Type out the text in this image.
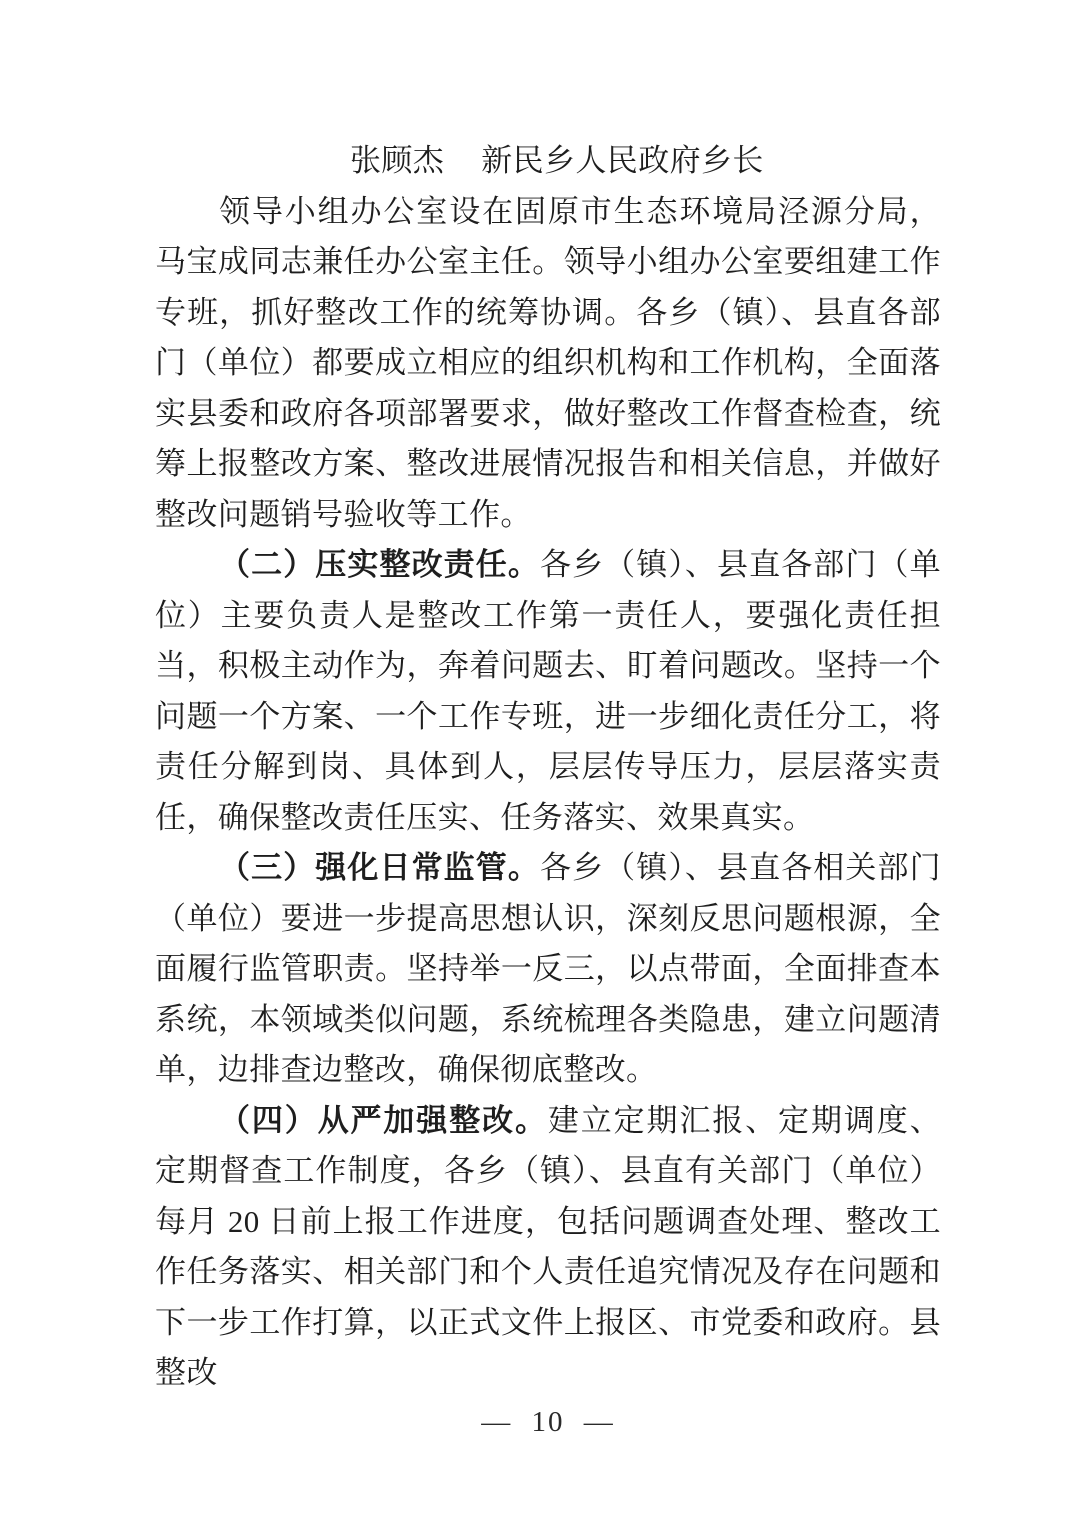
张顾杰 新民乡人民政府乡长

领导小组办公室设在固原市生态环境局泾源分局，马宝成同志兼任办公室主任。领导小组办公室要组建工作专班，抓好整改工作的统筹协调。各乡（镇）、县直各部门（单位）都要成立相应的组织机构和工作机构，全面落实县委和政府各项部署要求，做好整改工作督查检查，统筹上报整改方案、整改进展情况报告和相关信息，并做好整改问题销号验收等工作。

（二）压实整改责任。各乡（镇）、县直各部门（单位）主要负责人是整改工作第一责任人，要强化责任担当，积极主动作为，奔着问题去、盯着问题改。坚持一个问题一个方案、一个工作专班，进一步细化责任分工，将责任分解到岗、具体到人，层层传导压力，层层落实责任，确保整改责任压实、任务落实、效果真实。

（三）强化日常监管。各乡（镇）、县直各相关部门（单位）要进一步提高思想认识，深刻反思问题根源，全面履行监管职责。坚持举一反三，以点带面，全面排查本系统，本领域类似问题，系统梳理各类隐患，建立问题清单，边排查边整改，确保彻底整改。

（四）从严加强整改。建立定期汇报、定期调度、定期督查工作制度，各乡（镇）、县直有关部门（单位）每月 20 日前上报工作进度，包括问题调查处理、整改工作任务落实、相关部门和个人责任追究情况及存在问题和下一步工作打算，以正式文件上报区、市党委和政府。县整改

— 10 —
